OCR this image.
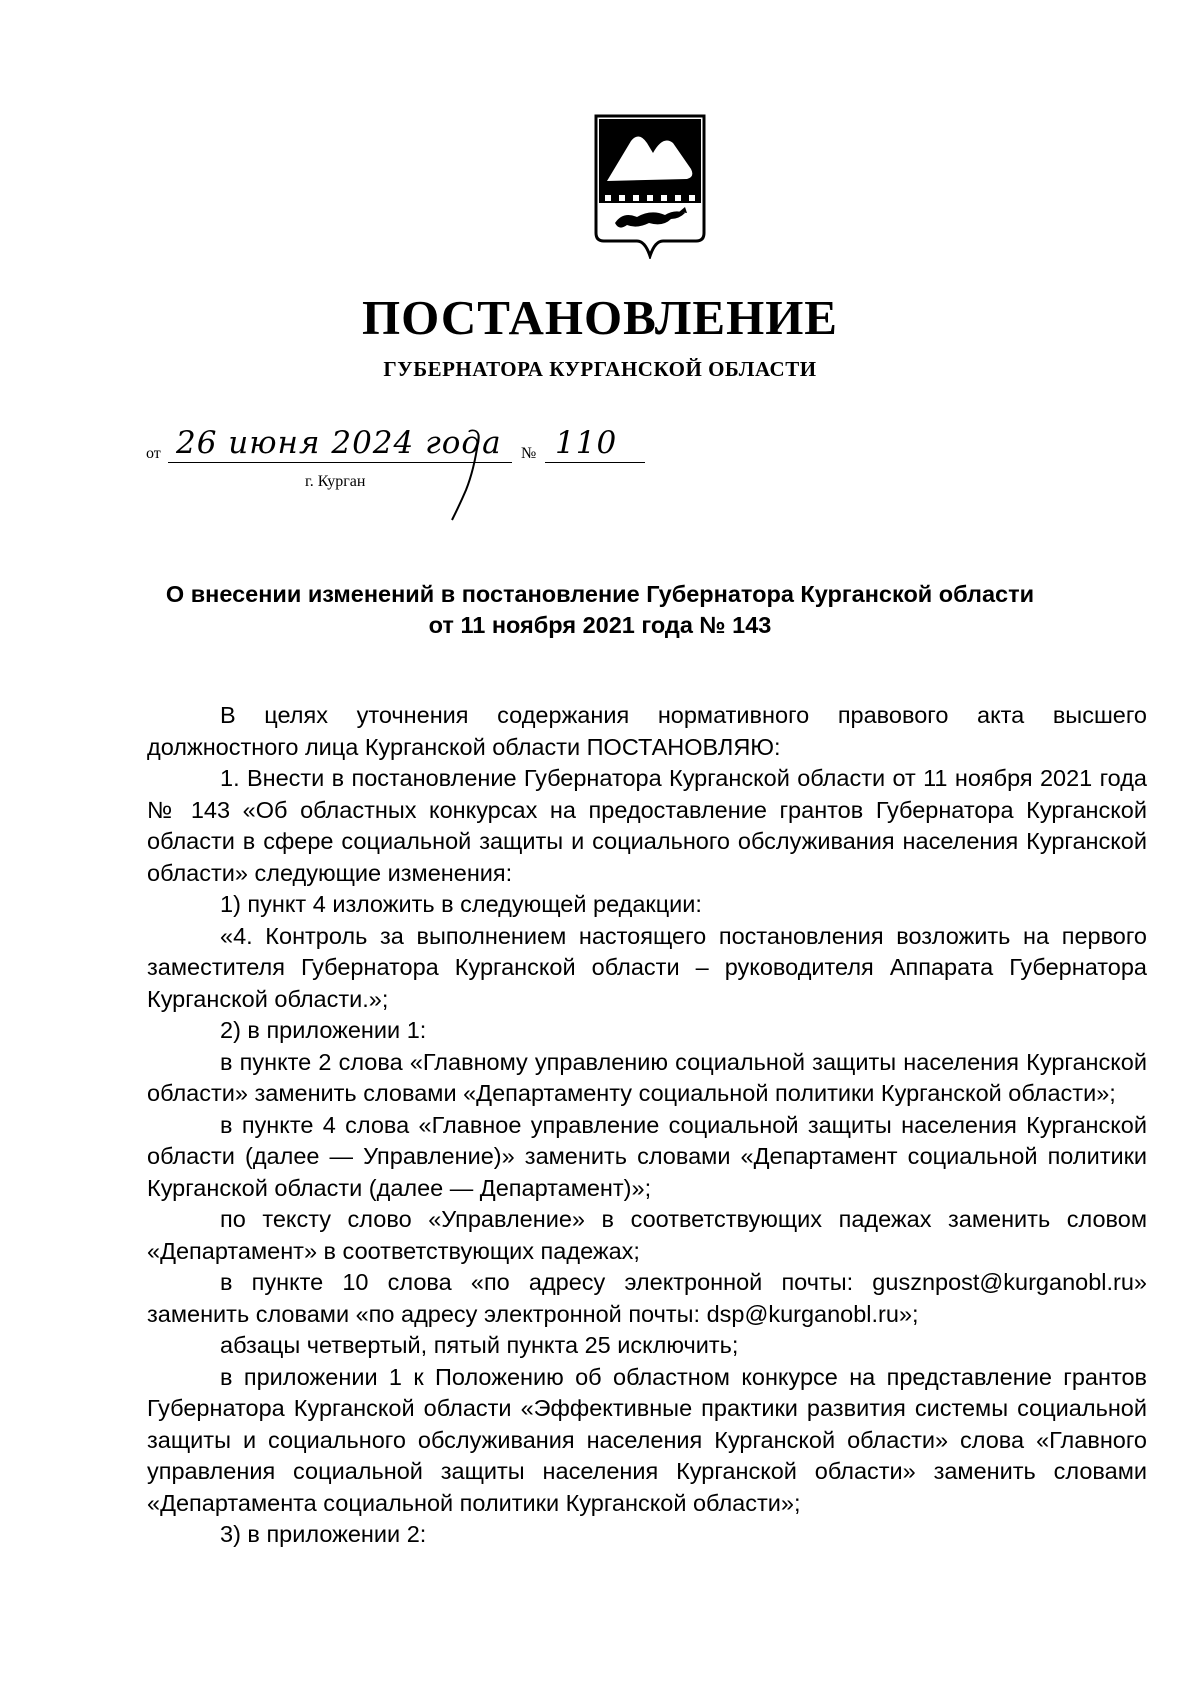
ПОСТАНОВЛЕНИЕ
ГУБЕРНАТОРА КУРГАНСКОЙ ОБЛАСТИ
от 26 июня 2024 года № 110
г. Курган
О внесении изменений в постановление Губернатора Курганской области
от 11 ноября 2021 года № 143

В целях уточнения содержания нормативного правового акта высшего должностного лица Курганской области ПОСТАНОВЛЯЮ:

1. Внести в постановление Губернатора Курганской области от 11 ноября 2021 года № 143 «Об областных конкурсах на предоставление грантов Губернатора Курганской области в сфере социальной защиты и социального обслуживания населения Курганской области» следующие изменения:

1) пункт 4 изложить в следующей редакции:

«4. Контроль за выполнением настоящего постановления возложить на первого заместителя Губернатора Курганской области – руководителя Аппарата Губернатора Курганской области.»;

2) в приложении 1:

в пункте 2 слова «Главному управлению социальной защиты населения Курганской области» заменить словами «Департаменту социальной политики Курганской области»;

в пункте 4 слова «Главное управление социальной защиты населения Курганской области (далее — Управление)» заменить словами «Департамент социальной политики Курганской области (далее — Департамент)»;

по тексту слово «Управление» в соответствующих падежах заменить словом «Департамент» в соответствующих падежах;

в пункте 10 слова «по адресу электронной почты: gusznpost@kurganobl.ru» заменить словами «по адресу электронной почты: dsp@kurganobl.ru»;

абзацы четвертый, пятый пункта 25 исключить;

в приложении 1 к Положению об областном конкурсе на представление грантов Губернатора Курганской области «Эффективные практики развития системы социальной защиты и социального обслуживания населения Курганской области» слова «Главного управления социальной защиты населения Курганской области» заменить словами «Департамента социальной политики Курганской области»;

3) в приложении 2:
